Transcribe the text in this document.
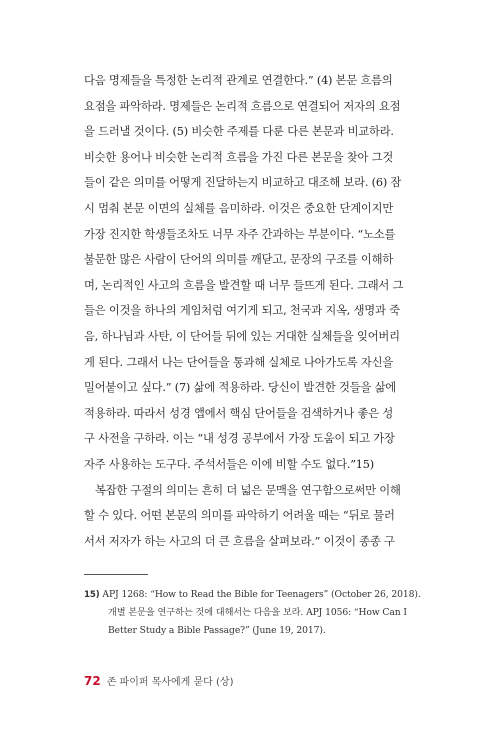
다음 명제들을 특정한 논리적 관계로 연결한다.” (4) 본문 흐름의
요점을 파악하라. 명제들은 논리적 흐름으로 연결되어 저자의 요점
을 드러낼 것이다. (5) 비슷한 주제를 다룬 다른 본문과 비교하라.
비슷한 용어나 비슷한 논리적 흐름을 가진 다른 본문을 찾아 그것
들이 같은 의미를 어떻게 진달하는지 비교하고 대조해 보라. (6) 잠
시 멈춰 본문 이면의 실체를 음미하라. 이것은 중요한 단계이지만
가장 진지한 학생들조차도 너무 자주 간과하는 부분이다. “노소를
불문한 많은 사람이 단어의 의미를 깨닫고, 문장의 구조를 이해하
며, 논리적인 사고의 흐름을 발견할 때 너무 들뜨게 된다. 그래서 그
들은 이것을 하나의 게임처럼 여기게 되고, 천국과 지옥, 생명과 죽
음, 하나님과 사탄, 이 단어들 뒤에 있는 거대한 실체들을 잊어버리
게 된다. 그래서 나는 단어들을 통과해 실체로 나아가도록 자신을
밀어붙이고 싶다.” (7) 삶에 적용하라. 당신이 발견한 것들을 삶에
적용하라. 따라서 성경 앱에서 핵심 단어들을 검색하거나 좋은 성
구 사전을 구하라. 이는 “내 성경 공부에서 가장 도움이 되고 가장
자주 사용하는 도구다. 주석서들은 이에 비할 수도 없다.”15)
복잡한 구절의 의미는 흔히 더 넓은 문맥을 연구함으로써만 이해
할 수 있다. 어떤 본문의 의미를 파악하기 어려울 때는 “뒤로 물러
서서 저자가 하는 사고의 더 큰 흐름을 살펴보라.” 이것이 종종 구
15) APJ 1268: “How to Read the Bible for Teenagers” (October 26, 2018).
개별 본문을 연구하는 것에 대해서는 다음을 보라. APJ 1056: “How Can I
Better Study a Bible Passage?” (June 19, 2017).
72 존 파이퍼 목사에게 묻다 (상)
